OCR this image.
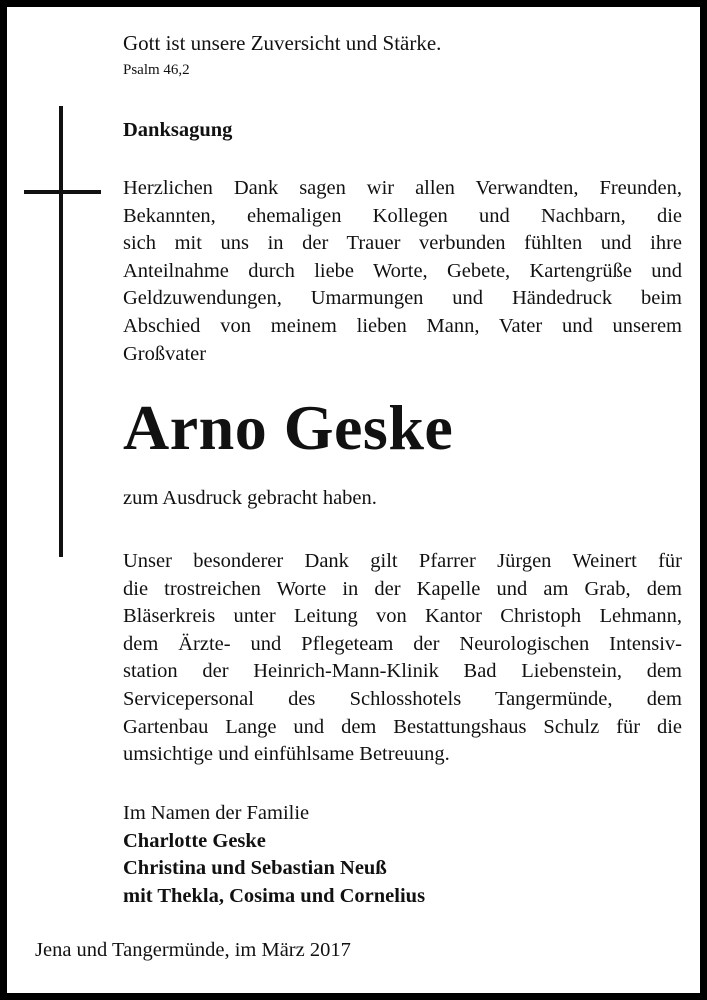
Gott ist unsere Zuversicht und Stärke.
Psalm 46,2
Danksagung
Herzlichen Dank sagen wir allen Verwandten, Freunden,
Bekannten, ehemaligen Kollegen und Nachbarn, die
sich mit uns in der Trauer verbunden fühlten und ihre
Anteilnahme durch liebe Worte, Gebete, Kartengrüße und
Geldzuwendungen, Umarmungen und Händedruck beim
Abschied von meinem lieben Mann, Vater und unserem
Großvater
Arno Geske
zum Ausdruck gebracht haben.
Unser besonderer Dank gilt Pfarrer Jürgen Weinert für
die trostreichen Worte in der Kapelle und am Grab, dem
Bläserkreis unter Leitung von Kantor Christoph Lehmann,
dem Ärzte- und Pflegeteam der Neurologischen Intensiv-
station der Heinrich-Mann-Klinik Bad Liebenstein, dem
Servicepersonal des Schlosshotels Tangermünde, dem
Gartenbau Lange und dem Bestattungshaus Schulz für die
umsichtige und einfühlsame Betreuung.
Im Namen der Familie
Charlotte Geske
Christina und Sebastian Neuß
mit Thekla, Cosima und Cornelius
Jena und Tangermünde, im März 2017
